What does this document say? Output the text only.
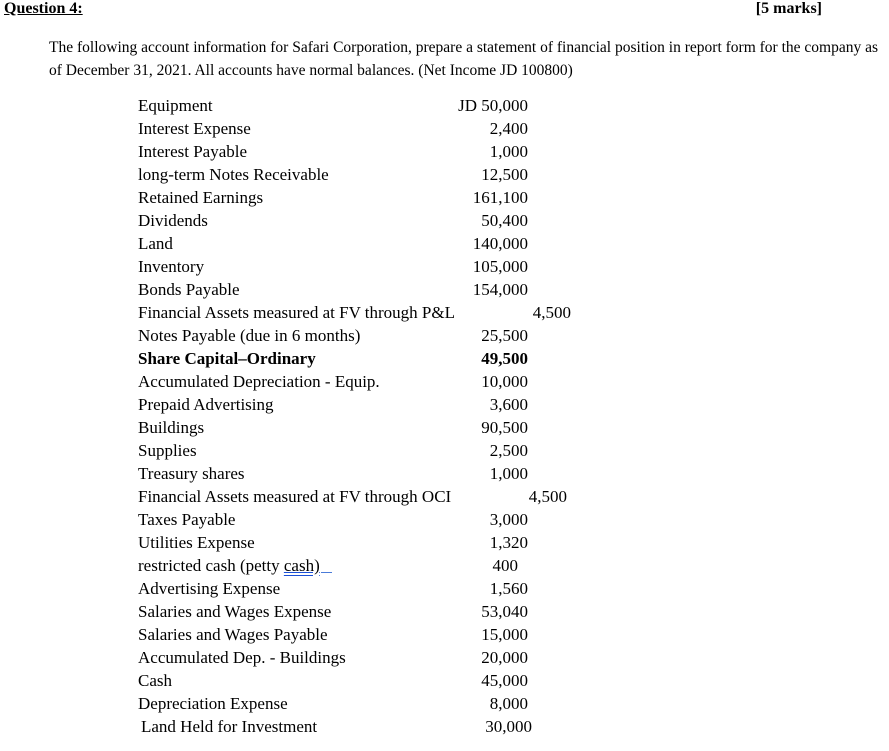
Question 4:	[5 marks]
The following account information for Safari Corporation, prepare a statement of financial position in report form for the company as of December 31, 2021. All accounts have normal balances. (Net Income JD 100800)
Equipment	JD 50,000
Interest Expense	2,400
Interest Payable	1,000
long-term Notes Receivable	12,500
Retained Earnings	161,100
Dividends	50,400
Land	140,000
Inventory	105,000
Bonds Payable	154,000
Financial Assets measured at FV through P&L	4,500
Notes Payable (due in 6 months)	25,500
Share Capital–Ordinary	49,500
Accumulated Depreciation - Equip.	10,000
Prepaid Advertising	3,600
Buildings	90,500
Supplies	2,500
Treasury shares	1,000
Financial Assets measured at FV through OCI	4,500
Taxes Payable	3,000
Utilities Expense	1,320
restricted cash (petty cash)	400
Advertising Expense	1,560
Salaries and Wages Expense	53,040
Salaries and Wages Payable	15,000
Accumulated Dep. - Buildings	20,000
Cash	45,000
Depreciation Expense	8,000
Land Held for Investment	30,000
